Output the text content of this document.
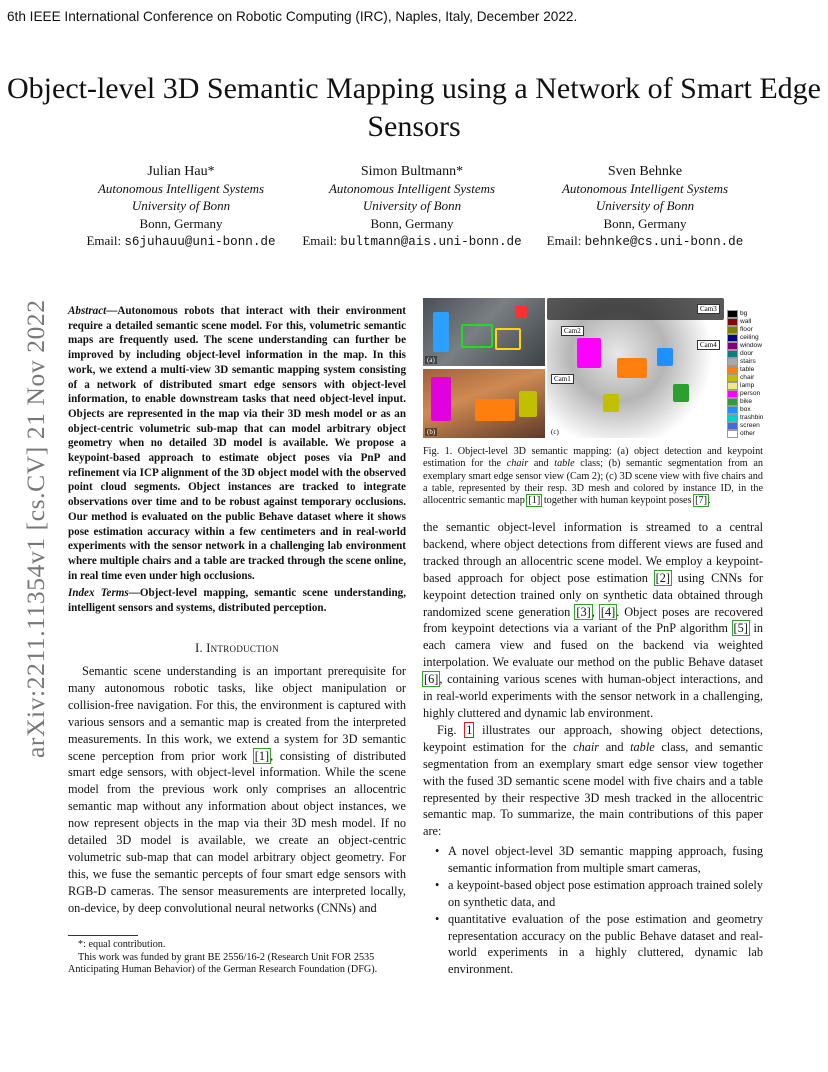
6th IEEE International Conference on Robotic Computing (IRC), Naples, Italy, December 2022.
Object-level 3D Semantic Mapping using a Network of Smart Edge Sensors
Julian Hau*
Autonomous Intelligent Systems
University of Bonn
Bonn, Germany
Email: s6juhauu@uni-bonn.de
Simon Bultmann*
Autonomous Intelligent Systems
University of Bonn
Bonn, Germany
Email: bultmann@ais.uni-bonn.de
Sven Behnke
Autonomous Intelligent Systems
University of Bonn
Bonn, Germany
Email: behnke@cs.uni-bonn.de
arXiv:2211.11354v1 [cs.CV] 21 Nov 2022 Abstract—Autonomous robots that interact with their environment require a detailed semantic scene model. For this, volumetric semantic maps are frequently used. The scene understanding can further be improved by including object-level information in the map. In this work, we extend a multi-view 3D semantic mapping system consisting of a network of distributed smart edge sensors with object-level information, to enable downstream tasks that need object-level input. Objects are represented in the map via their 3D mesh model or as an object-centric volumetric sub-map that can model arbitrary object geometry when no detailed 3D model is available. We propose a keypoint-based approach to estimate object poses via PnP and refinement via ICP alignment of the 3D object model with the observed point cloud segments. Object instances are tracked to integrate observations over time and to be robust against temporary occlusions. Our method is evaluated on the public Behave dataset where it shows pose estimation accuracy within a few centimeters and in real-world experiments with the sensor network in a challenging lab environment where multiple chairs and a table are tracked through the scene online, in real time even under high occlusions.
Index Terms—Object-level mapping, semantic scene understanding, intelligent sensors and systems, distributed perception.
I. Introduction
Semantic scene understanding is an important prerequisite for many autonomous robotic tasks, like object manipulation or collision-free navigation. For this, the environment is captured with various sensors and a semantic map is created from the interpreted measurements. In this work, we extend a system for 3D semantic scene perception from prior work [1], consisting of distributed smart edge sensors, with object-level information. While the scene model from the previous work only comprises an allocentric semantic map without any information about object instances, we now represent objects in the map via their 3D mesh model. If no detailed 3D model is available, we create an object-centric volumetric sub-map that can model arbitrary object geometry. For this, we fuse the semantic percepts of four smart edge sensors with RGB-D cameras. The sensor measurements are interpreted locally, on-device, by deep convolutional neural networks (CNNs) and

*: equal contribution.

This work was funded by grant BE 2556/16-2 (Research Unit FOR 2535 Anticipating Human Behavior) of the German Research Foundation (DFG).

(a)
(b)
Cam3
Cam2
Cam4
Cam1
(c)
bg
wall
floor
ceiling
window
door
stairs
table
chair
lamp
person
bike
box
trashbin
screen
other
Fig. 1. Object-level 3D semantic mapping: (a) object detection and keypoint estimation for the chair and table class; (b) semantic segmentation from an exemplary smart edge sensor view (Cam 2); (c) 3D scene view with five chairs and a table, represented by their resp. 3D mesh and colored by instance ID, in the allocentric semantic map [1] together with human keypoint poses [7].

the semantic object-level information is streamed to a central backend, where object detections from different views are fused and tracked through an allocentric scene model. We employ a keypoint-based approach for object pose estimation [2] using CNNs for keypoint detection trained only on synthetic data obtained through randomized scene generation [3], [4]. Object poses are recovered from keypoint detections via a variant of the PnP algorithm [5] in each camera view and fused on the backend via weighted interpolation. We evaluate our method on the public Behave dataset [6], containing various scenes with human-object interactions, and in real-world experiments with the sensor network in a challenging, highly cluttered and dynamic lab environment.

Fig. 1 illustrates our approach, showing object detections, keypoint estimation for the chair and table class, and semantic segmentation from an exemplary smart edge sensor view together with the fused 3D semantic scene model with five chairs and a table represented by their respective 3D mesh tracked in the allocentric semantic map. To summarize, the main contributions of this paper are:

• A novel object-level 3D semantic mapping approach, fusing semantic information from multiple smart cameras,
• a keypoint-based object pose estimation approach trained solely on synthetic data, and
• quantitative evaluation of the pose estimation and geometry representation accuracy on the public Behave dataset and real-world experiments in a highly cluttered, dynamic lab environment.
